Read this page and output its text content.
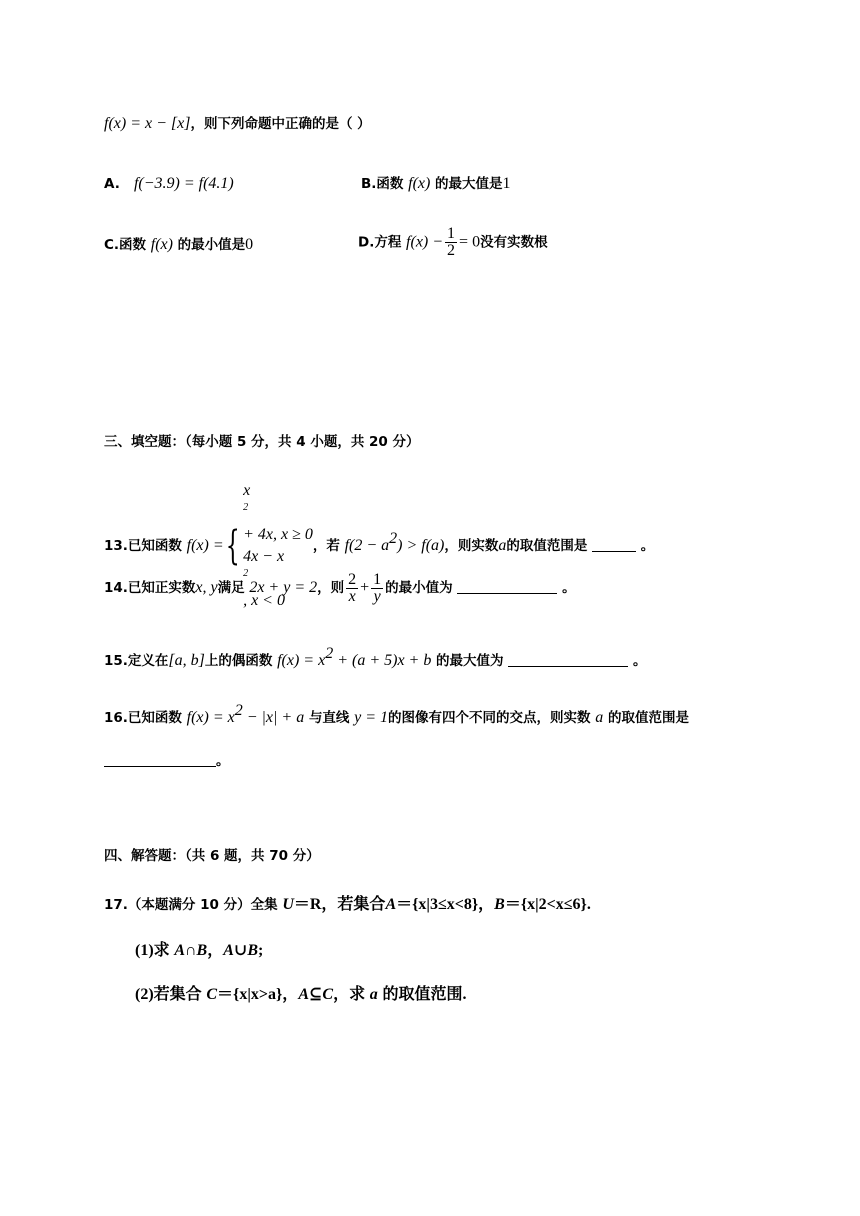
f(x) = x − [x]，则下列命题中正确的是（ ）
A. f(−3.9) = f(4.1)	B.函数 f(x) 的最大值是1
C.函数 f(x) 的最小值是0	D.方程 $f(x) - \frac{1}{2} = 0$没有实数根
三、填空题：（每小题 5 分，共 4 小题，共 20 分）
13.已知函数 f(x) ={
x
$^2$
+ 4x, x ≥ 0
4x − x
$^2$
, x < 0
，若 $f(2 - a^2) > f(a)$，则实数a的取值范围是	。
14.已知正实数x, y满足 2x + y = 2，则 $\frac{2}{x} + \frac{1}{y}$ 的最小值为	。
15.定义在[a, b]上的偶函数 $f(x) = x^2 + (a + 5)x + b$ 的最大值为	。
16.已知函数 $f(x) = x^2 - |x| + a$ 与直线 y = 1的图像有四个不同的交点，则实数 a 的取值范围是
。
四、解答题：（共 6 题，共 70 分）
17.（本题满分 10 分）全集 U＝R，若集合A＝{x|3≤x<8}，B＝{x|2<x≤6}.
(1)求 A∩B，A∪B;
(2)若集合 C＝{x|x>a}，A⊆C，求 a 的取值范围.
